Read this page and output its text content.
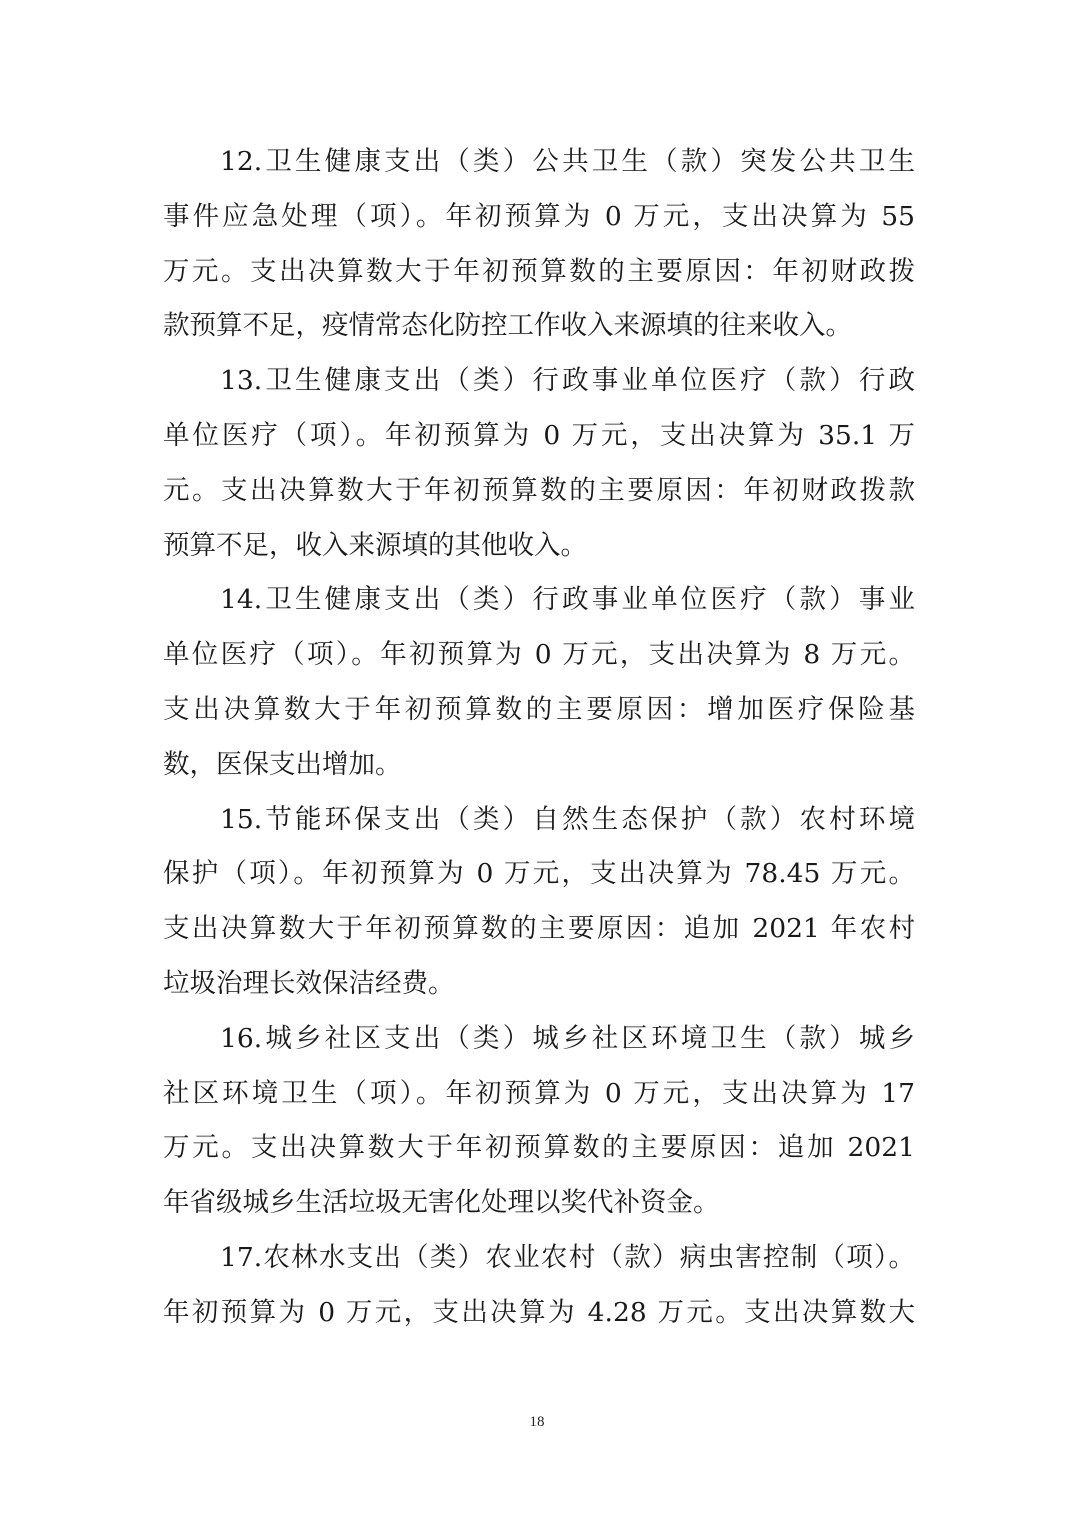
12.卫生健康支出（类）公共卫生（款）突发公共卫生
事件应急处理（项）。年初预算为 0 万元，支出决算为 55
万元。支出决算数大于年初预算数的主要原因：年初财政拨
款预算不足，疫情常态化防控工作收入来源填的往来收入。
13.卫生健康支出（类）行政事业单位医疗（款）行政
单位医疗（项）。年初预算为 0 万元，支出决算为 35.1 万
元。支出决算数大于年初预算数的主要原因：年初财政拨款
预算不足，收入来源填的其他收入。
14.卫生健康支出（类）行政事业单位医疗（款）事业
单位医疗（项）。年初预算为 0 万元，支出决算为 8 万元。
支出决算数大于年初预算数的主要原因：增加医疗保险基
数，医保支出增加。
15.节能环保支出（类）自然生态保护（款）农村环境
保护（项）。年初预算为 0 万元，支出决算为 78.45 万元。
支出决算数大于年初预算数的主要原因：追加 2021 年农村
垃圾治理长效保洁经费。
16.城乡社区支出（类）城乡社区环境卫生（款）城乡
社区环境卫生（项）。年初预算为 0 万元，支出决算为 17
万元。支出决算数大于年初预算数的主要原因：追加 2021
年省级城乡生活垃圾无害化处理以奖代补资金。
17.农林水支出（类）农业农村（款）病虫害控制（项）。
年初预算为 0 万元，支出决算为 4.28 万元。支出决算数大
18
